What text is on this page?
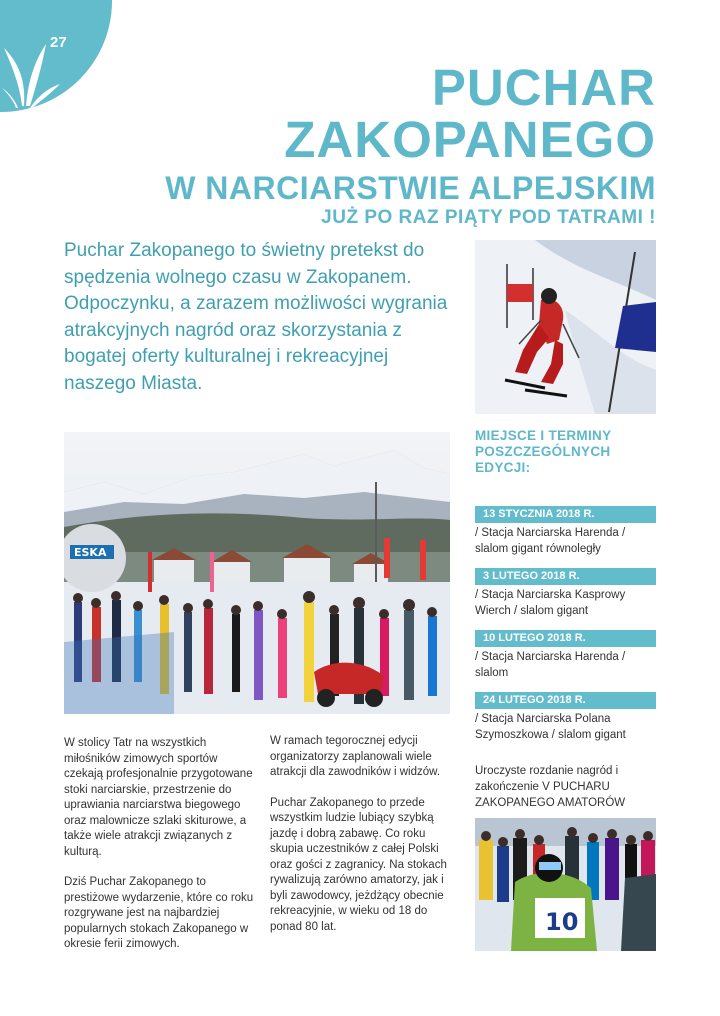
27
PUCHAR
ZAKOPANEGO
W NARCIARSTWIE ALPEJSKIM
JUŻ PO RAZ PIĄTY POD TATRAMI !
Puchar Zakopanego to świetny pretekst do spędzenia wolnego czasu w Zakopanem. Odpoczynku, a zarazem możliwości wygrania atrakcyjnych nagród oraz skorzystania z bogatej oferty kulturalnej i rekreacyjnej naszego Miasta.
ESKA
10

W stolicy Tatr na wszystkich miłośników zimowych sportów czekają profesjonalnie przygotowane stoki narciarskie, przestrzenie do uprawiania narciarstwa biegowego oraz malownicze szlaki skiturowe, a także wiele atrakcji związanych z kulturą.

Dziś Puchar Zakopanego to prestiżowe wydarzenie, które co roku rozgrywane jest na najbardziej popularnych stokach Zakopanego w okresie ferii zimowych.

W ramach tegorocznej edycji organizatorzy zaplanowali wiele atrakcji dla zawodników i widzów.

Puchar Zakopanego to przede wszystkim ludzie lubiący szybką jazdę i dobrą zabawę. Co roku skupia uczestników z całej Polski oraz gości z zagranicy. Na stokach rywalizują zarówno amatorzy, jak i byli zawodowcy, jeżdżący obecnie rekreacyjnie, w wieku od 18 do ponad 80 lat.

MIEJSCE I TERMINY POSZCZEGÓLNYCH EDYCJI:
13 STYCZNIA 2018 R.
/ Stacja Narciarska Harenda / slalom gigant równoległy
3 LUTEGO 2018 R.
/ Stacja Narciarska Kasprowy Wierch / slalom gigant
10 LUTEGO 2018 R.
/ Stacja Narciarska Harenda / slalom
24 LUTEGO 2018 R.
/ Stacja Narciarska Polana Szymoszkowa / slalom gigant
Uroczyste rozdanie nagród i zakończenie V PUCHARU ZAKOPANEGO AMATORÓW
